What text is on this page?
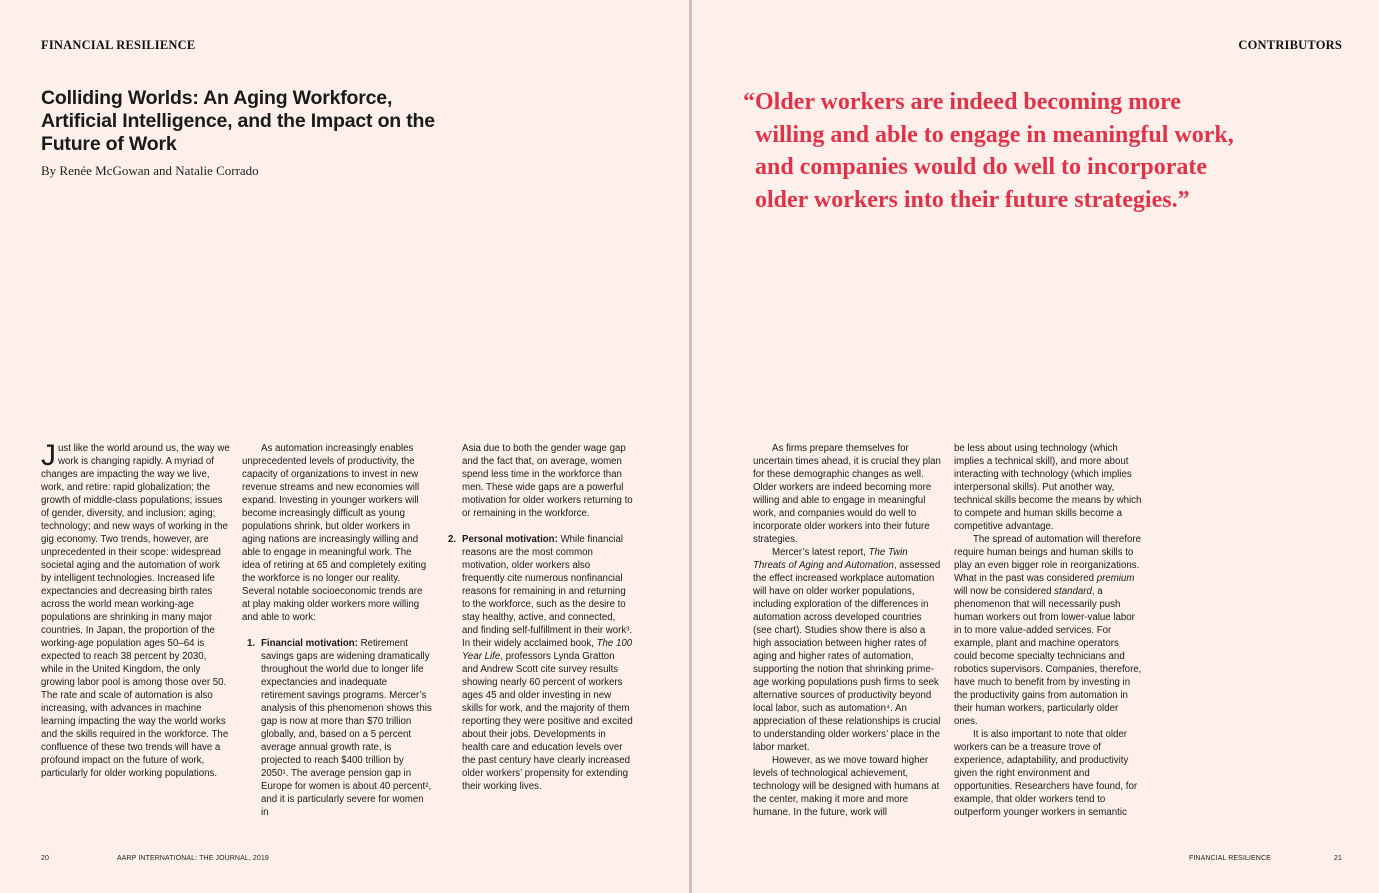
FINANCIAL RESILIENCE
Colliding Worlds: An Aging Workforce, Artificial Intelligence, and the Impact on the Future of Work
By Renée McGowan and Natalie Corrado

Just like the world around us, the way we work is changing rapidly. A myriad of changes are impacting the way we live, work, and retire: rapid globalization; the growth of middle-class populations; issues of gender, diversity, and inclusion; aging; technology; and new ways of working in the gig economy. Two trends, however, are unprecedented in their scope: widespread societal aging and the automation of work by intelligent technologies. Increased life expectancies and decreasing birth rates across the world mean working-age populations are shrinking in many major countries. In Japan, the proportion of the working-age population ages 50–64 is expected to reach 38 percent by 2030, while in the United Kingdom, the only growing labor pool is among those over 50. The rate and scale of automation is also increasing, with advances in machine learning impacting the way the world works and the skills required in the workforce. The confluence of these two trends will have a profound impact on the future of work, particularly for older working populations.

As automation increasingly enables unprecedented levels of productivity, the capacity of organizations to invest in new revenue streams and new economies will expand. Investing in younger workers will become increasingly difficult as young populations shrink, but older workers in aging nations are increasingly willing and able to engage in meaningful work. The idea of retiring at 65 and completely exiting the workforce is no longer our reality. Several notable socioeconomic trends are at play making older workers more willing and able to work:

1. Financial motivation: Retirement savings gaps are widening dramatically throughout the world due to longer life expectancies and inadequate retirement savings programs. Mercer’s analysis of this phenomenon shows this gap is now at more than $70 trillion globally, and, based on a 5 percent average annual growth rate, is projected to reach $400 trillion by 2050¹. The average pension gap in Europe for women is about 40 percent², and it is particularly severe for women in
Asia due to both the gender wage gap and the fact that, on average, women spend less time in the workforce than men. These wide gaps are a powerful motivation for older workers returning to or remaining in the workforce.
2. Personal motivation: While financial reasons are the most common motivation, older workers also frequently cite numerous nonfinancial reasons for remaining in and returning to the workforce, such as the desire to stay healthy, active, and connected, and finding self-fulfillment in their work³. In their widely acclaimed book, The 100 Year Life, professors Lynda Gratton and Andrew Scott cite survey results showing nearly 60 percent of workers ages 45 and older investing in new skills for work, and the majority of them reporting they were positive and excited about their jobs. Developments in health care and education levels over the past century have clearly increased older workers’ propensity for extending their working lives.
20	AARP INTERNATIONAL: THE JOURNAL, 2019
CONTRIBUTORS
“Older workers are indeed becoming more
willing and able to engage in meaningful work,
and companies would do well to incorporate
older workers into their future strategies.”

As firms prepare themselves for uncertain times ahead, it is crucial they plan for these demographic changes as well. Older workers are indeed becoming more willing and able to engage in meaningful work, and companies would do well to incorporate older workers into their future strategies.

Mercer’s latest report, The Twin Threats of Aging and Automation, assessed the effect increased workplace automation will have on older worker populations, including exploration of the differences in automation across developed countries (see chart). Studies show there is also a high association between higher rates of aging and higher rates of automation, supporting the notion that shrinking prime-age working populations push firms to seek alternative sources of productivity beyond local labor, such as automation⁴. An appreciation of these relationships is crucial to understanding older workers’ place in the labor market.

However, as we move toward higher levels of technological achievement, technology will be designed with humans at the center, making it more and more humane. In the future, work will

be less about using technology (which implies a technical skill), and more about interacting with technology (which implies interpersonal skills). Put another way, technical skills become the means by which to compete and human skills become a competitive advantage.

The spread of automation will therefore require human beings and human skills to play an even bigger role in reorganizations. What in the past was considered premium will now be considered standard, a phenomenon that will necessarily push human workers out from lower-value labor in to more value-added services. For example, plant and machine operators could become specialty technicians and robotics supervisors. Companies, therefore, have much to benefit from by investing in the productivity gains from automation in their human workers, particularly older ones.

It is also important to note that older workers can be a treasure trove of experience, adaptability, and productivity given the right environment and opportunities. Researchers have found, for example, that older workers tend to outperform younger workers in semantic

FINANCIAL RESILIENCE	21
